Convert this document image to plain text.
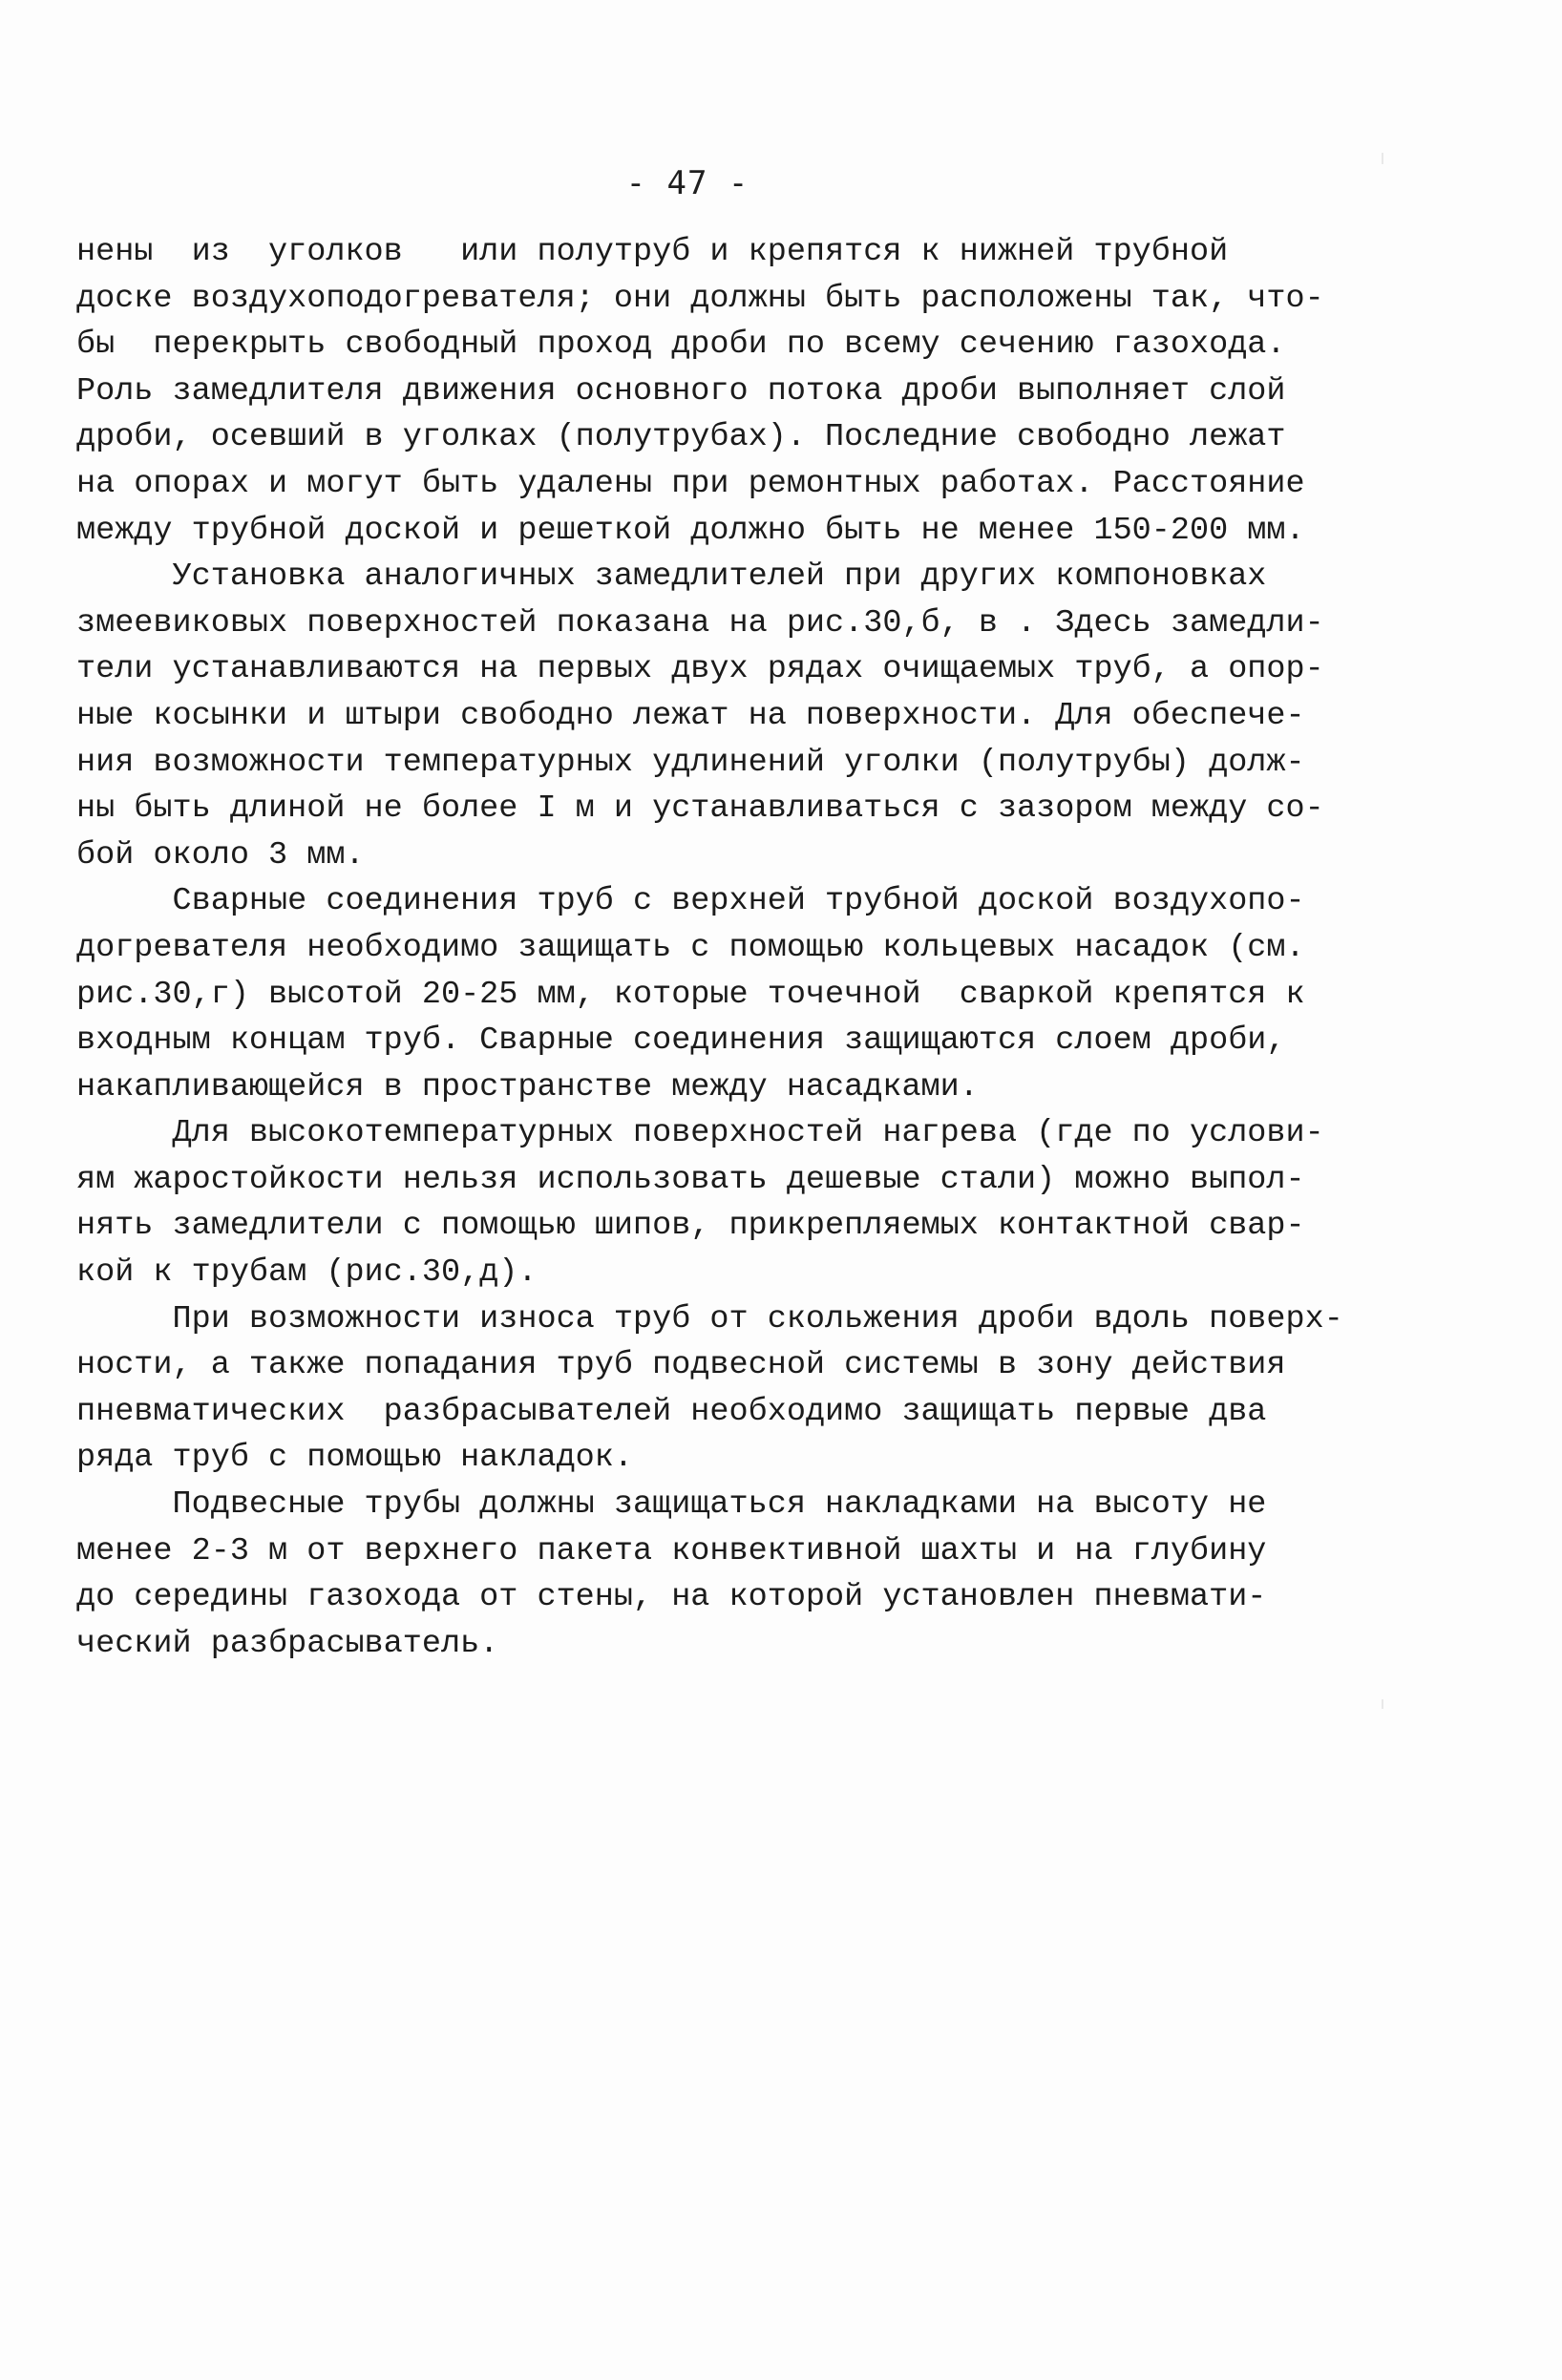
- 47 -
нены  из  уголков   или полутруб и крепятся к нижней трубной
доске воздухоподогревателя; они должны быть расположены так, что-
бы  перекрыть свободный проход дроби по всему сечению газохода.
Роль замедлителя движения основного потока дроби выполняет слой
дроби, осевший в уголках (полутрубах). Последние свободно лежат
на опорах и могут быть удалены при ремонтных работах. Расстояние
между трубной доской и решеткой должно быть не менее 150-200 мм.
Установка аналогичных замедлителей при других компоновках
змеевиковых поверхностей показана на рис.30,б, в . Здесь замедли-
тели устанавливаются на первых двух рядах очищаемых труб, а опор-
ные косынки и штыри свободно лежат на поверхности. Для обеспече-
ния возможности температурных удлинений уголки (полутрубы) долж-
ны быть длиной не более I м и устанавливаться с зазором между со-
бой около 3 мм.
Сварные соединения труб с верхней трубной доской воздухопо-
догревателя необходимо защищать с помощью кольцевых насадок (см.
рис.30,г) высотой 20-25 мм, которые точечной  сваркой крепятся к
входным концам труб. Сварные соединения защищаются слоем дроби,
накапливающейся в пространстве между насадками.
Для высокотемпературных поверхностей нагрева (где по услови-
ям жаростойкости нельзя использовать дешевые стали) можно выпол-
нять замедлители с помощью шипов, прикрепляемых контактной свар-
кой к трубам (рис.30,д).
При возможности износа труб от скольжения дроби вдоль поверх-
ности, а также попадания труб подвесной системы в зону действия
пневматических  разбрасывателей необходимо защищать первые два
ряда труб с помощью накладок.
Подвесные трубы должны защищаться накладками на высоту не
менее 2-3 м от верхнего пакета конвективной шахты и на глубину
до середины газохода от стены, на которой установлен пневмати-
ческий разбрасыватель.
